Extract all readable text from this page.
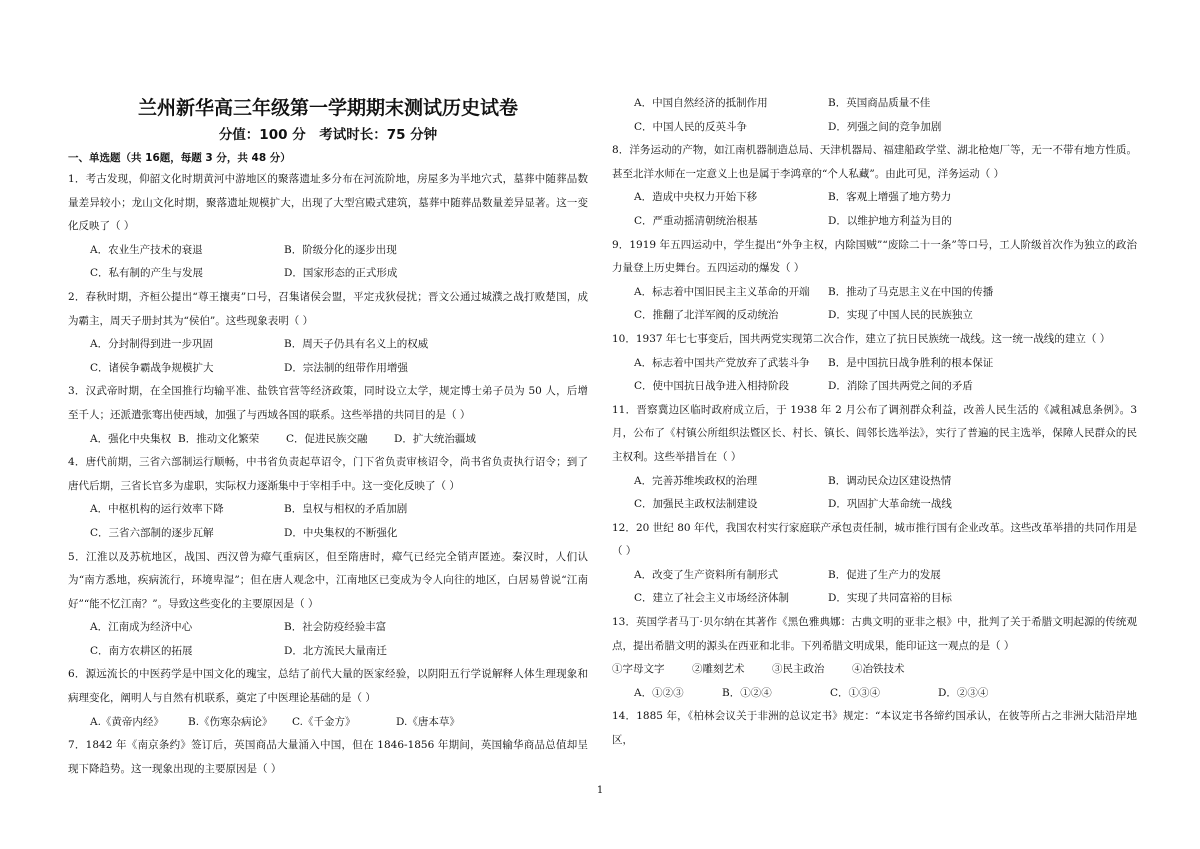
兰州新华高三年级第一学期期末测试历史试卷
分值：100 分　考试时长：75 分钟
一、单选题（共 16题，每题 3 分，共 48 分）
1．考古发现，仰韶文化时期黄河中游地区的聚落遗址多分布在河流阶地，房屋多为半地穴式，墓葬中随葬品数量差异较小；龙山文化时期，聚落遗址规模扩大，出现了大型宫殿式建筑，墓葬中随葬品数量差异显著。这一变化反映了（ ）
A．农业生产技术的衰退	B．阶级分化的逐步出现
C．私有制的产生与发展	D．国家形态的正式形成
2．春秋时期，齐桓公提出“尊王攘夷”口号，召集诸侯会盟，平定戎狄侵扰；晋文公通过城濮之战打败楚国，成为霸主，周天子册封其为“侯伯”。这些现象表明（ ）
A．分封制得到进一步巩固	B．周天子仍具有名义上的权威
C．诸侯争霸战争规模扩大	D．宗法制的纽带作用增强
3．汉武帝时期，在全国推行均输平准、盐铁官营等经济政策，同时设立太学，规定博士弟子员为 50 人，后增至千人；还派遣张骞出使西域，加强了与西域各国的联系。这些举措的共同目的是（ ）
A．强化中央集权 B．推动文化繁荣	C．促进民族交融	D．扩大统治疆域
4．唐代前期，三省六部制运行顺畅，中书省负责起草诏令，门下省负责审核诏令，尚书省负责执行诏令；到了唐代后期，三省长官多为虚职，实际权力逐渐集中于宰相手中。这一变化反映了（ ）
A．中枢机构的运行效率下降	B．皇权与相权的矛盾加剧
C．三省六部制的逐步瓦解	D．中央集权的不断强化
5．江淮以及苏杭地区，战国、西汉曾为瘴气重病区，但至隋唐时，瘴气已经完全销声匿迹。秦汉时，人们认为“南方悉地，疾病流行，环境卑湿”；但在唐人观念中，江南地区已变成为令人向往的地区，白居易曾说“江南好”“能不忆江南？”。导致这些变化的主要原因是（ ）
A．江南成为经济中心	B．社会防疫经验丰富
C．南方农耕区的拓展	D．北方流民大量南迁
6．源远流长的中医药学是中国文化的瑰宝，总结了前代大量的医家经验，以阴阳五行学说解释人体生理现象和病理变化，阐明人与自然有机联系，奠定了中医理论基础的是（ ）
A.《黄帝内经》	B.《伤寒杂病论》	C.《千金方》	D.《唐本草》
7．1842 年《南京条约》签订后，英国商品大量涌入中国，但在 1846-1856 年期间，英国输华商品总值却呈现下降趋势。这一现象出现的主要原因是（ ）
A．中国自然经济的抵制作用	B．英国商品质量不佳
C．中国人民的反英斗争	D．列强之间的竞争加剧
8．洋务运动的产物，如江南机器制造总局、天津机器局、福建船政学堂、湖北枪炮厂等，无一不带有地方性质。甚至北洋水师在一定意义上也是属于李鸿章的“个人私藏”。由此可见，洋务运动（ ）
A．造成中央权力开始下移	B．客观上增强了地方势力
C．严重动摇清朝统治根基	D．以维护地方利益为目的
9．1919 年五四运动中，学生提出“外争主权，内除国贼”“废除二十一条”等口号，工人阶级首次作为独立的政治力量登上历史舞台。五四运动的爆发（ ）
A．标志着中国旧民主主义革命的开端	B．推动了马克思主义在中国的传播
C．推翻了北洋军阀的反动统治	D．实现了中国人民的民族独立
10．1937 年七七事变后，国共两党实现第二次合作，建立了抗日民族统一战线。这一统一战线的建立（ ）
A．标志着中国共产党放弃了武装斗争	B．是中国抗日战争胜利的根本保证
C．使中国抗日战争进入相持阶段	D．消除了国共两党之间的矛盾
11．晋察冀边区临时政府成立后，于 1938 年 2 月公布了调剂群众利益，改善人民生活的《减租减息条例》。3 月，公布了《村镇公所组织法暨区长、村长、镇长、闾邻长选举法》，实行了普遍的民主选举，保障人民群众的民主权利。这些举措旨在（ ）
A．完善苏维埃政权的治理	B．调动民众边区建设热情
C．加强民主政权法制建设	D．巩固扩大革命统一战线
12．20 世纪 80 年代，我国农村实行家庭联产承包责任制，城市推行国有企业改革。这些改革举措的共同作用是（ ）
A．改变了生产资料所有制形式	B．促进了生产力的发展
C．建立了社会主义市场经济体制	D．实现了共同富裕的目标
13．英国学者马丁·贝尔纳在其著作《黑色雅典娜：古典文明的亚非之根》中，批判了关于希腊文明起源的传统观点，提出希腊文明的源头在西亚和北非。下列希腊文明成果，能印证这一观点的是（ ）
①字母文字	②雕刻艺术	③民主政治	④冶铁技术
A．①②③	B．①②④	C．①③④	D．②③④
14．1885 年，《柏林会议关于非洲的总议定书》规定：“本议定书各缔约国承认，在彼等所占之非洲大陆沿岸地区，
1
